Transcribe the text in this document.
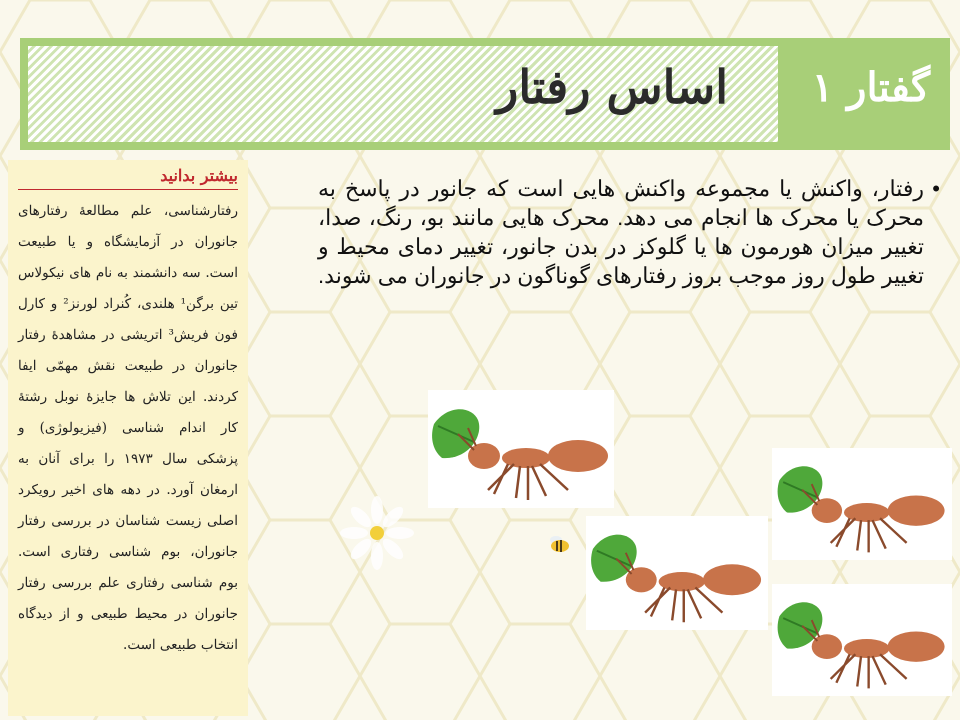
اساس رفتار گفتار ۱
بیشتر بدانید
رفتارشناسی، علم مطالعهٔ رفتارهای جانوران در آزمایشگاه و یا طبیعت است. سه دانشمند به نام های نیکولاس تین برگن¹ هلندی، کُنراد لورنز² و کارل فون فریش³ اتریشی در مشاهدهٔ رفتار جانوران در طبیعت نقش مهمّی ایفا کردند. این تلاش ها جایزهٔ نوبل رشتهٔ کار اندام شناسی (فیزیولوژی) و پزشکی سال ۱۹۷۳ را برای آنان به ارمغان آورد. در دهه های اخیر رویکرد اصلی زیست شناسان در بررسی رفتار جانوران، بوم شناسی رفتاری است. بوم شناسی رفتاری علم بررسی رفتار جانوران در محیط طبیعی و از دیدگاه انتخاب طبیعی است.
•
رفتار، واکنش یا مجموعه واکنش هایی است که جانور در پاسخ به محرک یا محرک ها انجام می دهد. محرک هایی مانند بو، رنگ، صدا، تغییر میزان هورمون ها یا گلوکز در بدن جانور، تغییر دمای محیط و تغییر طول روز موجب بروز رفتارهای گوناگون در جانوران می شوند.
